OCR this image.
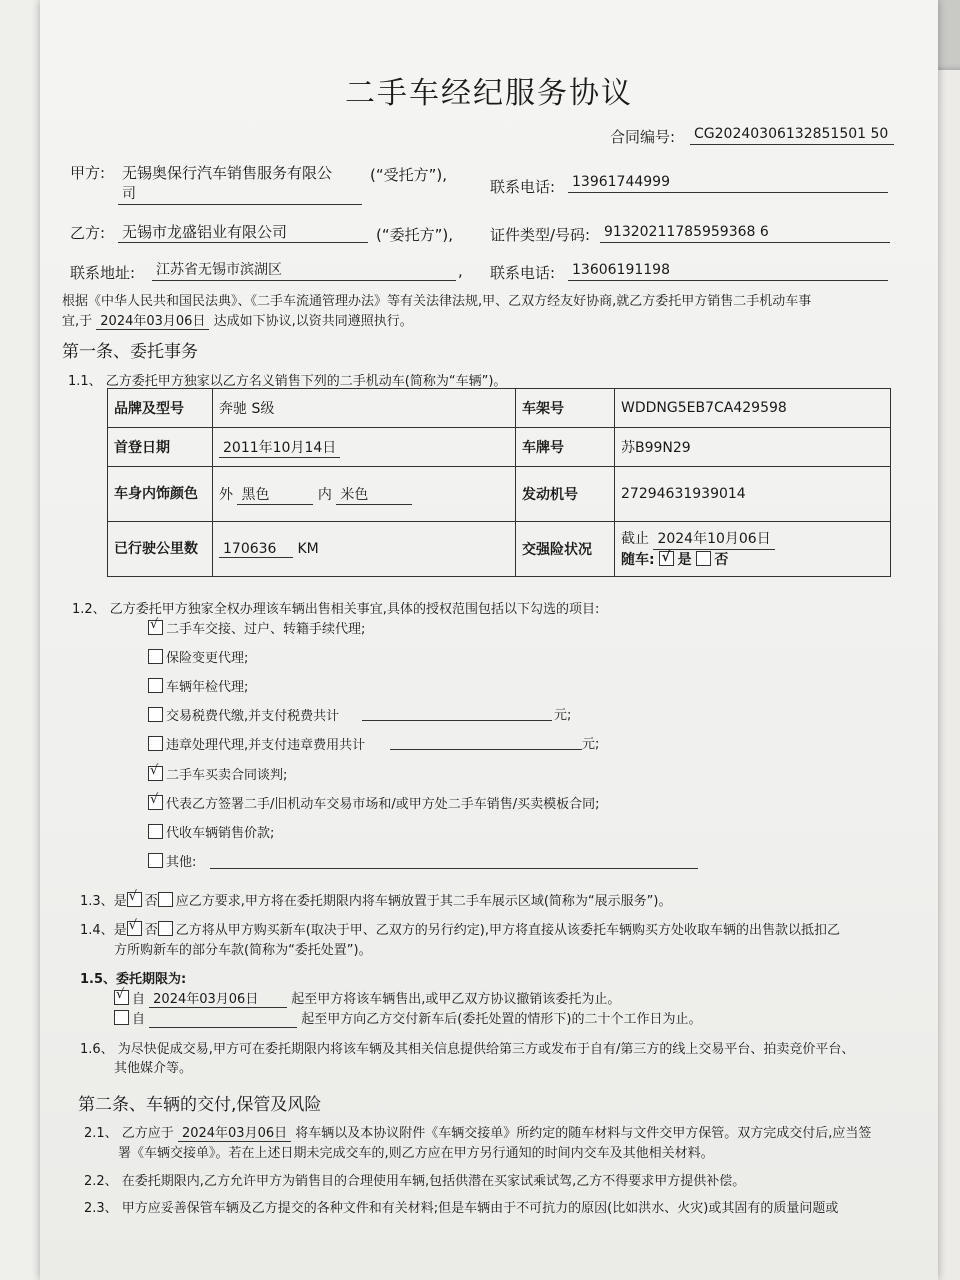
二手车经纪服务协议
合同编号: CG20240306132851501 50
甲方: 无锡奥保行汽车销售服务有限公
司
(“受托方”),
联系电话: 13961744999
乙方: 无锡市龙盛铝业有限公司	(“委托方”), 证件类型/号码: 91320211785959368 6
联系地址: 江苏省无锡市滨湖区	, 联系电话: 13606191198
根据《中华人民共和国民法典》、《二手车流通管理办法》等有关法律法规,甲、乙双方经友好协商,就乙方委托甲方销售二手机动车事
宜,于 2024年03月06日 达成如下协议,以资共同遵照执行。
第一条、委托事务
1.1、 乙方委托甲方独家以乙方名义销售下列的二手机动车(简称为“车辆”)。
品牌及型号	奔驰 S级	车架号	WDDNG5EB7CA429598
首登日期	2011年10月14日	车牌号	苏B99N29
车身内饰颜色	外 黑色 内 米色	发动机号	27294631939014
已行驶公里数	170636 KM	交强险状况	截止 2024年10月06日
随车: √ 是 否
1.2、 乙方委托甲方独家全权办理该车辆出售相关事宜,具体的授权范围包括以下勾选的项目:
√二手车交接、过户、转籍手续代理;
保险变更代理;
车辆年检代理;
交易税费代缴,并支付税费共计	元;
违章处理代理,并支付违章费用共计	元;
√二手车买卖合同谈判;
√代表乙方签署二手/旧机动车交易市场和/或甲方处二手车销售/买卖模板合同;
代收车辆销售价款;
其他:
1.3、是 √ 否 应乙方要求,甲方将在委托期限内将车辆放置于其二手车展示区域(简称为“展示服务”)。
1.4、是 √ 否 乙方将从甲方购买新车(取决于甲、乙双方的另行约定),甲方将直接从该委托车辆购买方处收取车辆的出售款以抵扣乙
方所购新车的部分车款(简称为“委托处置”)。
1.5、委托期限为:
√自 2024年03月06日	起至甲方将该车辆售出,或甲乙双方协议撤销该委托为止。
自	起至甲方向乙方交付新车后(委托处置的情形下)的二十个工作日为止。
1.6、 为尽快促成交易,甲方可在委托期限内将该车辆及其相关信息提供给第三方或发布于自有/第三方的线上交易平台、拍卖竞价平台、
其他媒介等。
第二条、车辆的交付,保管及风险
2.1、 乙方应于 2024年03月06日 将车辆以及本协议附件《车辆交接单》所约定的随车材料与文件交甲方保管。双方完成交付后,应当签
署《车辆交接单》。若在上述日期未完成交车的,则乙方应在甲方另行通知的时间内交车及其他相关材料。
2.2、 在委托期限内,乙方允许甲方为销售目的合理使用车辆,包括供潜在买家试乘试驾,乙方不得要求甲方提供补偿。
2.3、 甲方应妥善保管车辆及乙方提交的各种文件和有关材料;但是车辆由于不可抗力的原因(比如洪水、火灾)或其固有的质量问题或
